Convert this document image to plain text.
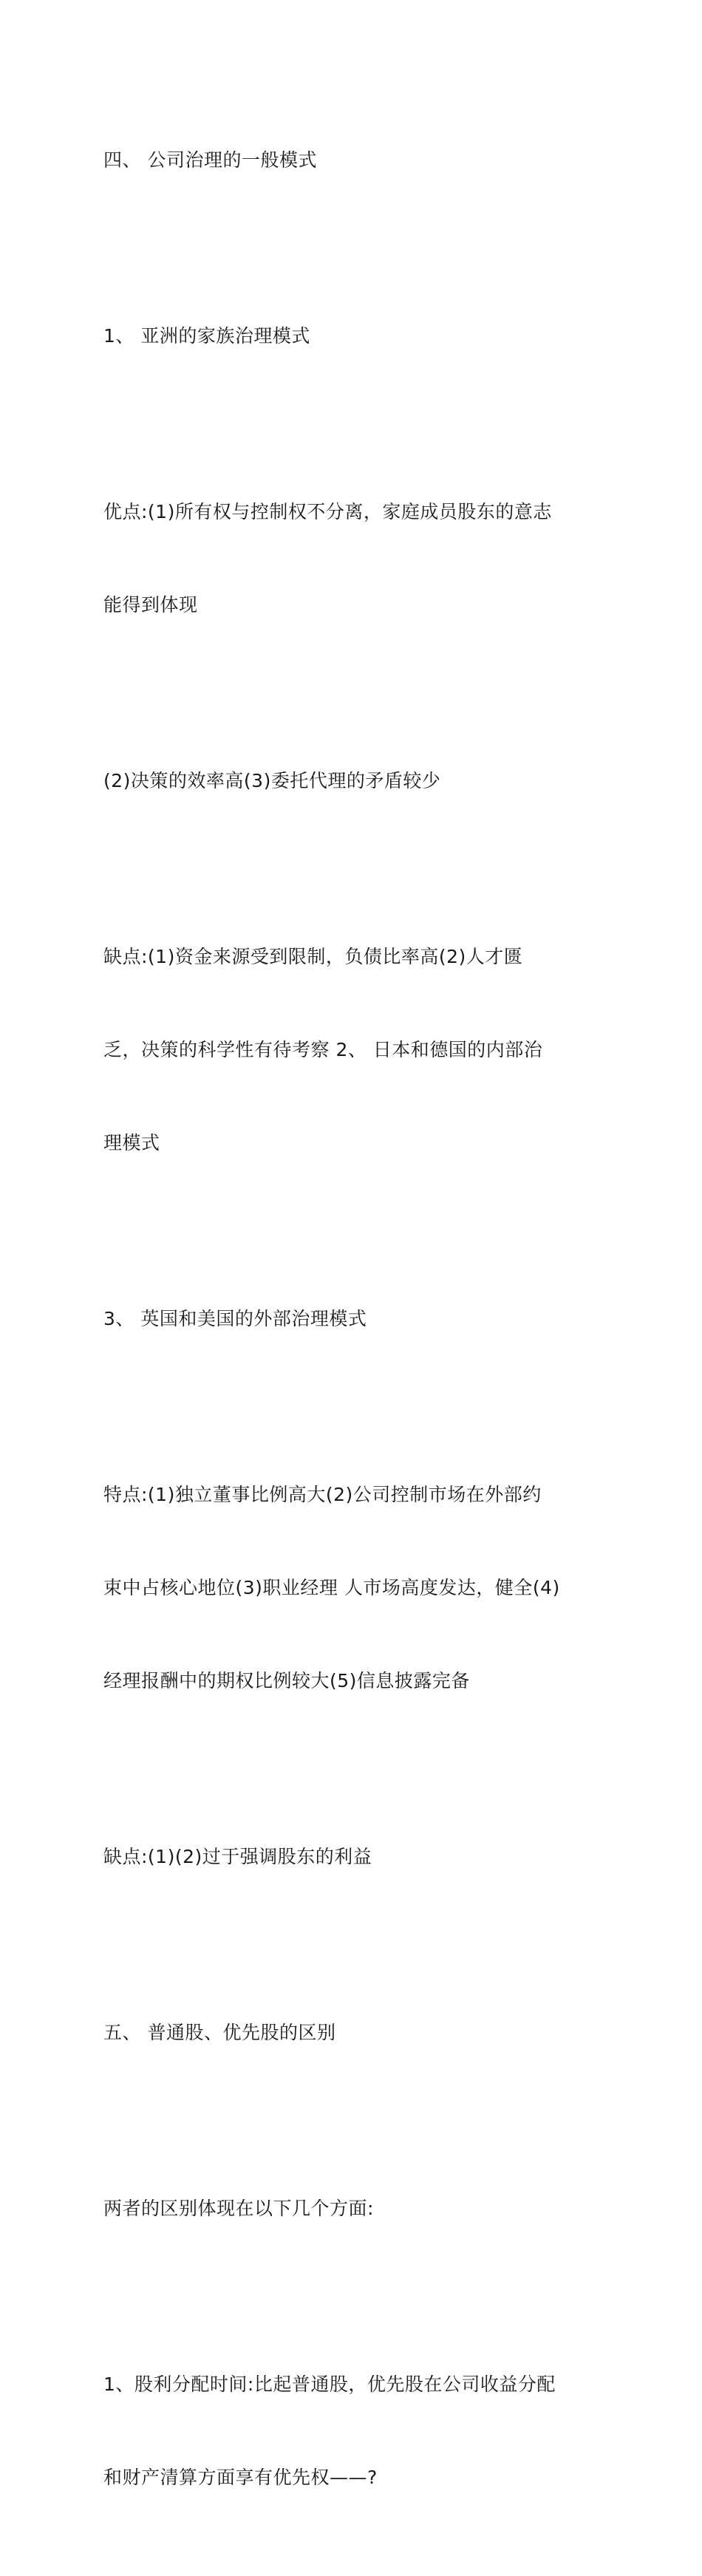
四、 公司治理的一般模式

1、 亚洲的家族治理模式

优点:(1)所有权与控制权不分离，家庭成员股东的意志

能得到体现

(2)决策的效率高(3)委托代理的矛盾较少

缺点:(1)资金来源受到限制，负债比率高(2)人才匮

乏，决策的科学性有待考察 2、 日本和德国的内部治

理模式

3、 英国和美国的外部治理模式

特点:(1)独立董事比例高大(2)公司控制市场在外部约

束中占核心地位(3)职业经理 人市场高度发达，健全(4)

经理报酬中的期权比例较大(5)信息披露完备

缺点:(1)(2)过于强调股东的利益

五、 普通股、优先股的区别

两者的区别体现在以下几个方面:

1、股利分配时间:比起普通股，优先股在公司收益分配

和财产清算方面享有优先权——?
